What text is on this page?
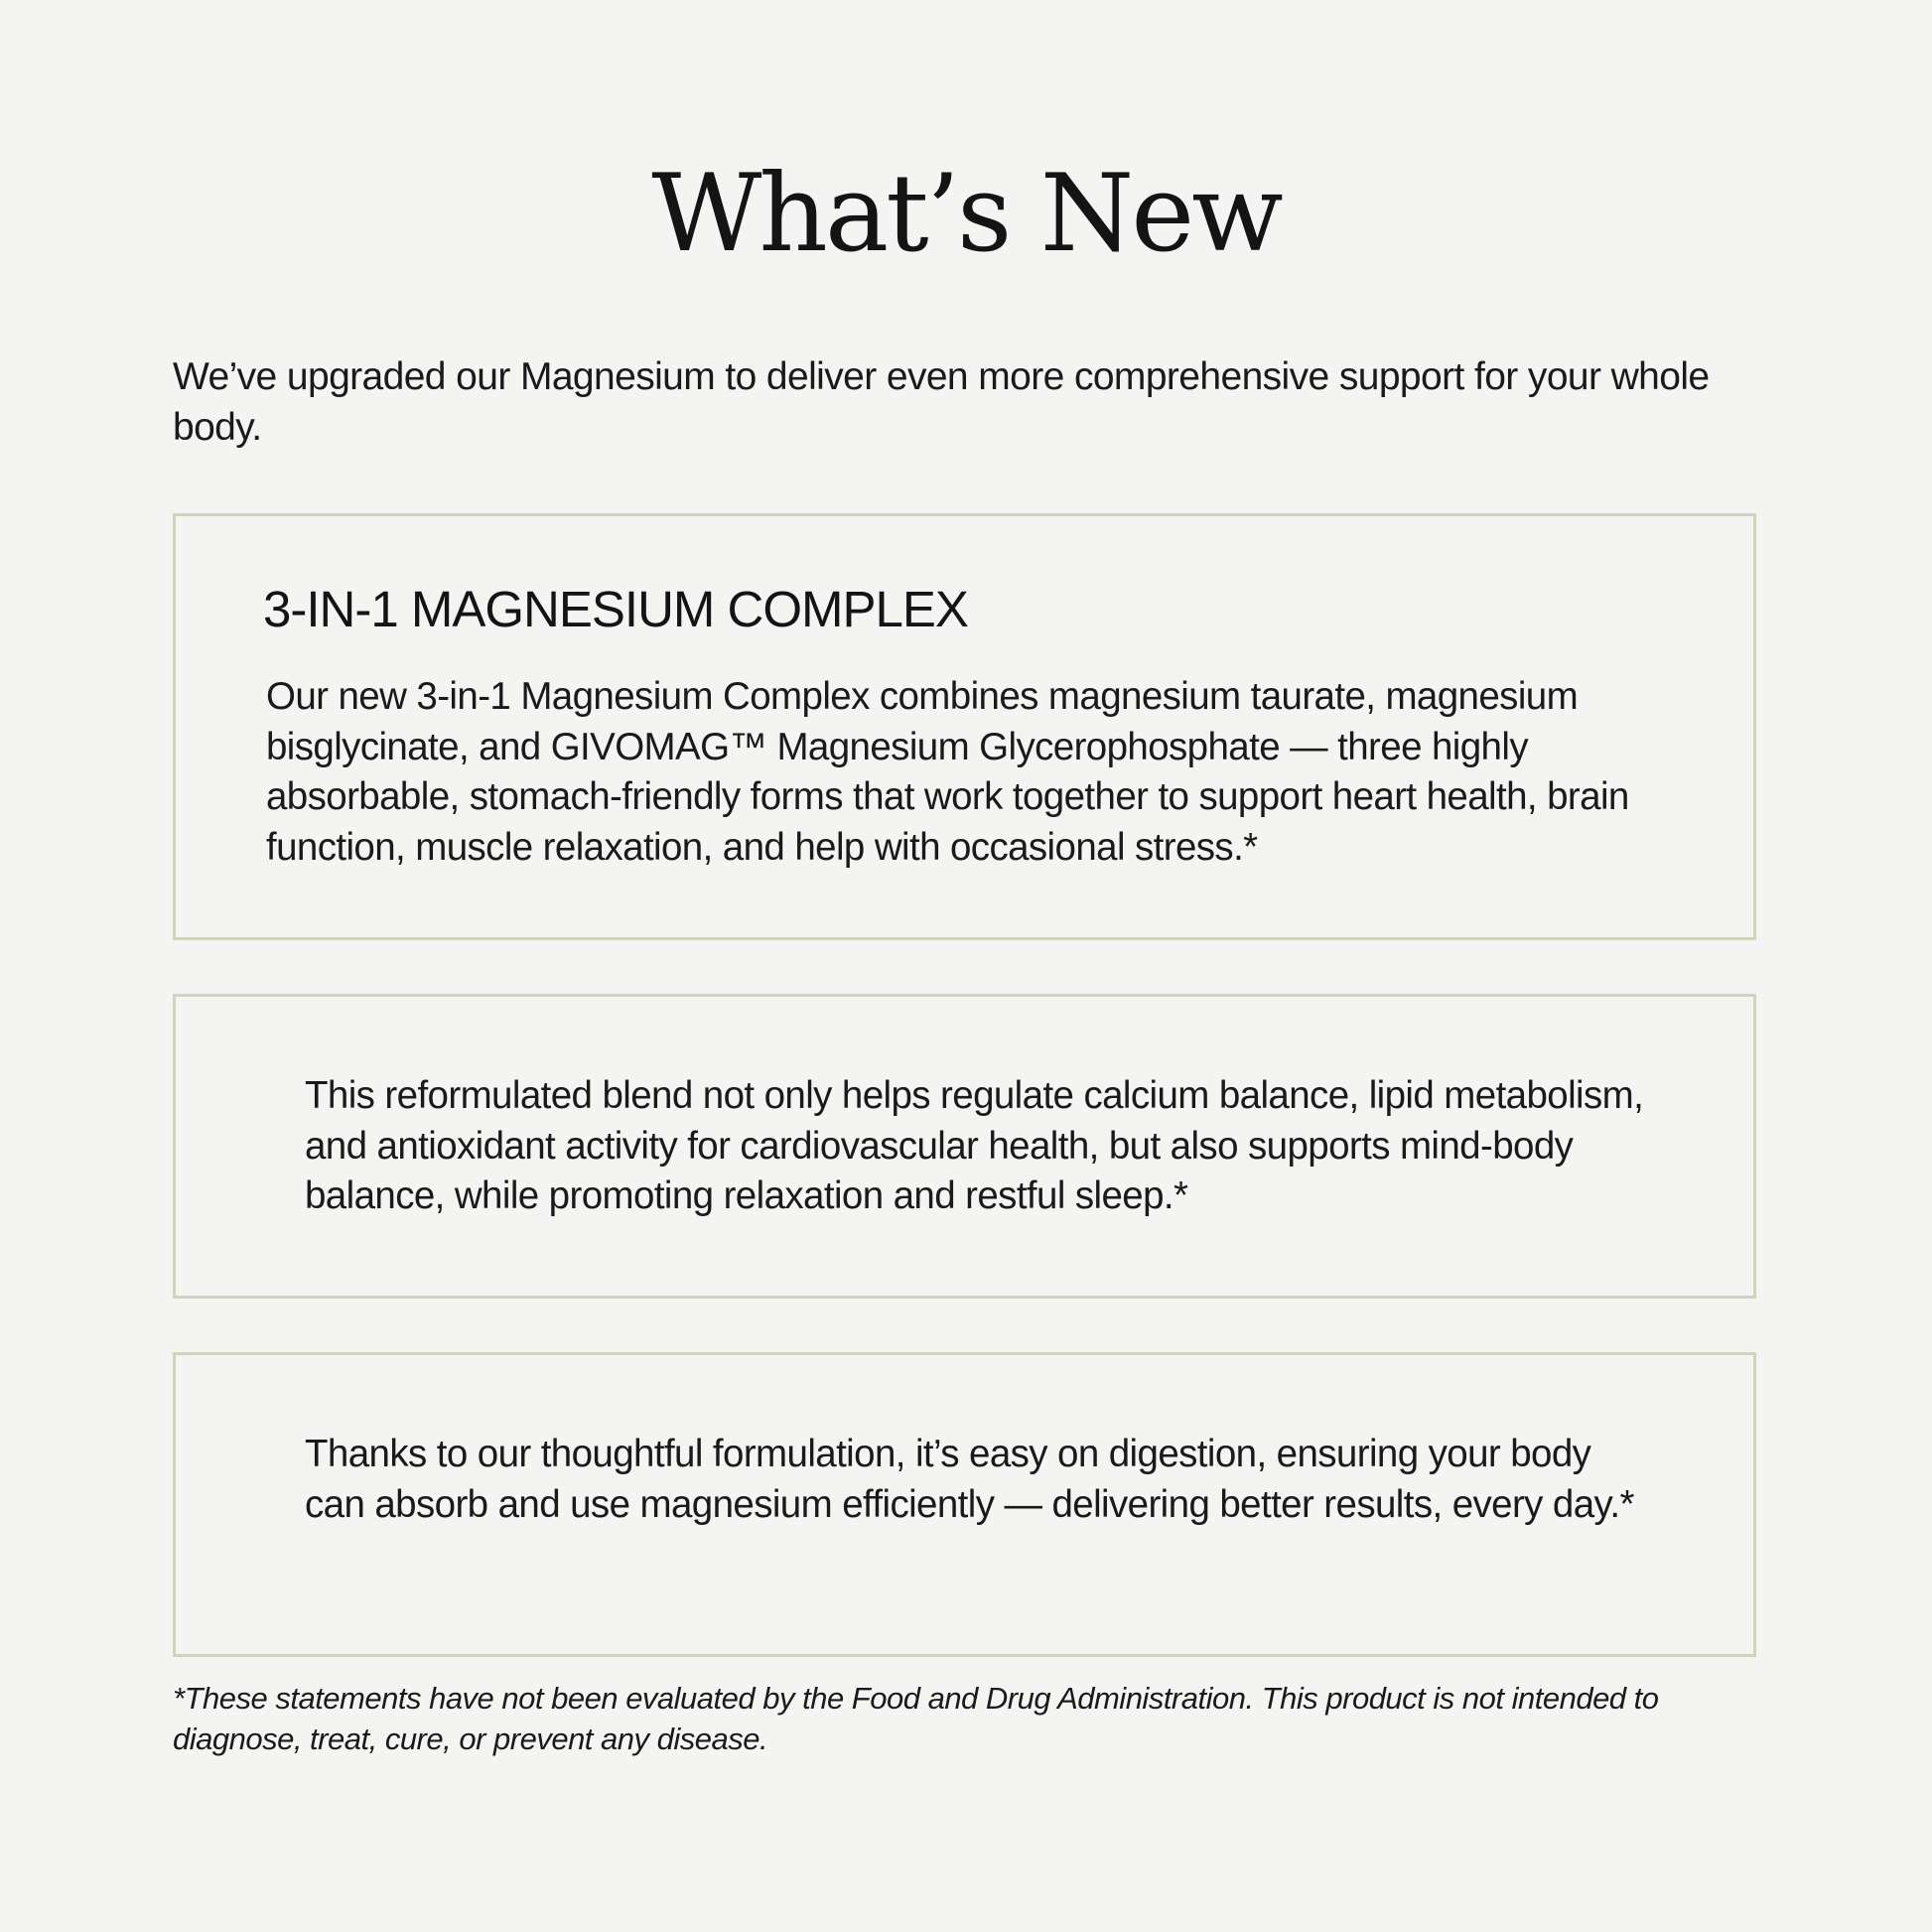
What’s New

We’ve upgraded our Magnesium to deliver even more comprehensive support for your whole body.

3-IN-1 MAGNESIUM COMPLEX

Our new 3-in-1 Magnesium Complex combines magnesium taurate, magnesium bisglycinate, and GIVOMAG™ Magnesium Glycerophosphate — three highly absorbable, stomach-friendly forms that work together to support heart health, brain function, muscle relaxation, and help with occasional stress.*

This reformulated blend not only helps regulate calcium balance, lipid metabolism, and antioxidant activity for cardiovascular health, but also supports mind-body balance, while promoting relaxation and restful sleep.*

Thanks to our thoughtful formulation, it’s easy on digestion, ensuring your body can absorb and use magnesium efficiently — delivering better results, every day.*

*These statements have not been evaluated by the Food and Drug Administration. This product is not intended to diagnose, treat, cure, or prevent any disease.
